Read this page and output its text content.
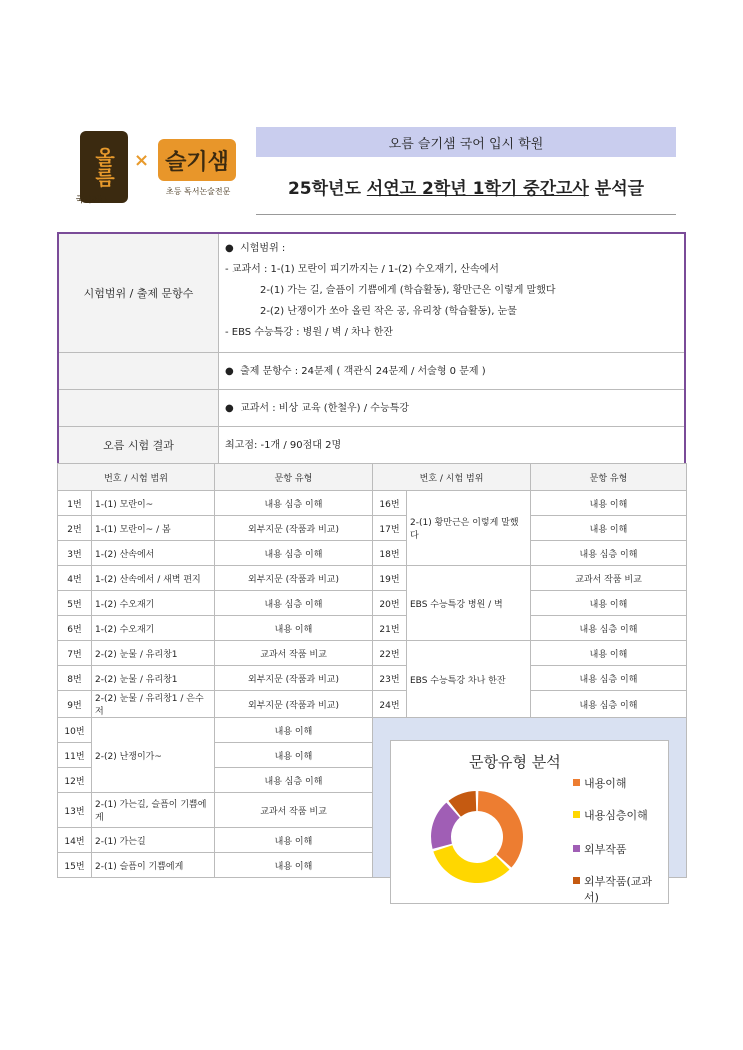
올름
국어전문
× 슬기샘
초등 독서논술전문
오름 슬기샘 국어 입시 학원
25학년도 서연고 2학년 1학기 중간고사 분석글
시험범위 / 출제 문항수
●  시험범위 :
- 교과서 : 1-(1) 모란이 피기까지는 / 1-(2) 수오재기, 산속에서
2-(1) 가는 길, 슬픔이 기쁨에게 (학습활동), 황만근은 이렇게 말했다
2-(2) 난쟁이가 쏘아 올린 작은 공, 유리창 (학습활동), 눈물
- EBS 수능특강 : 병원 / 벽 / 차나 한잔
●  출제 문항수 : 24문제 ( 객관식 24문제 / 서술형 0 문제 )
●  교과서 : 비상 교육 (한철우) / 수능특강
오름 시험 결과	최고점: -1개 / 90점대 2명
번호 / 시험 범위		문항 유형	번호 / 시험 범위		문항 유형
1번	1-(1) 모란이~	내용 심층 이해	16번	2-(1) 황만근은 이렇게 말했다	내용 이해
2번	1-(1) 모란이~ / 봄	외부지문 (작품과 비교)	17번		내용 이해
3번	1-(2) 산속에서	내용 심층 이해	18번		내용 심층 이해
4번	1-(2) 산속에서 / 새벽 편지	외부지문 (작품과 비교)	19번	EBS 수능특강 병원 / 벽	교과서 작품 비교
5번	1-(2) 수오재기	내용 심층 이해	20번		내용 이해
6번	1-(2) 수오재기	내용 이해	21번		내용 심층 이해
7번	2-(2) 눈물 / 유리창1	교과서 작품 비교	22번	EBS 수능특강 차나 한잔	내용 이해
8번	2-(2) 눈물 / 유리창1	외부지문 (작품과 비교)	23번		내용 심층 이해
9번	2-(2) 눈물 / 유리창1 / 은수저	외부지문 (작품과 비교)	24번		내용 심층 이해
10번	2-(2) 난쟁이가~	내용 이해			
11번		내용 이해			
12번		내용 심층 이해			
13번	2-(1) 가는길, 슬픔이 기쁨에게	교과서 작품 비교			
14번	2-(1) 가는길	내용 이해			
15번	2-(1) 슬픔이 기쁨에게	내용 이해			
문항유형 분석
내용이해
내용심층이해
외부작품
외부작품(교과서)
